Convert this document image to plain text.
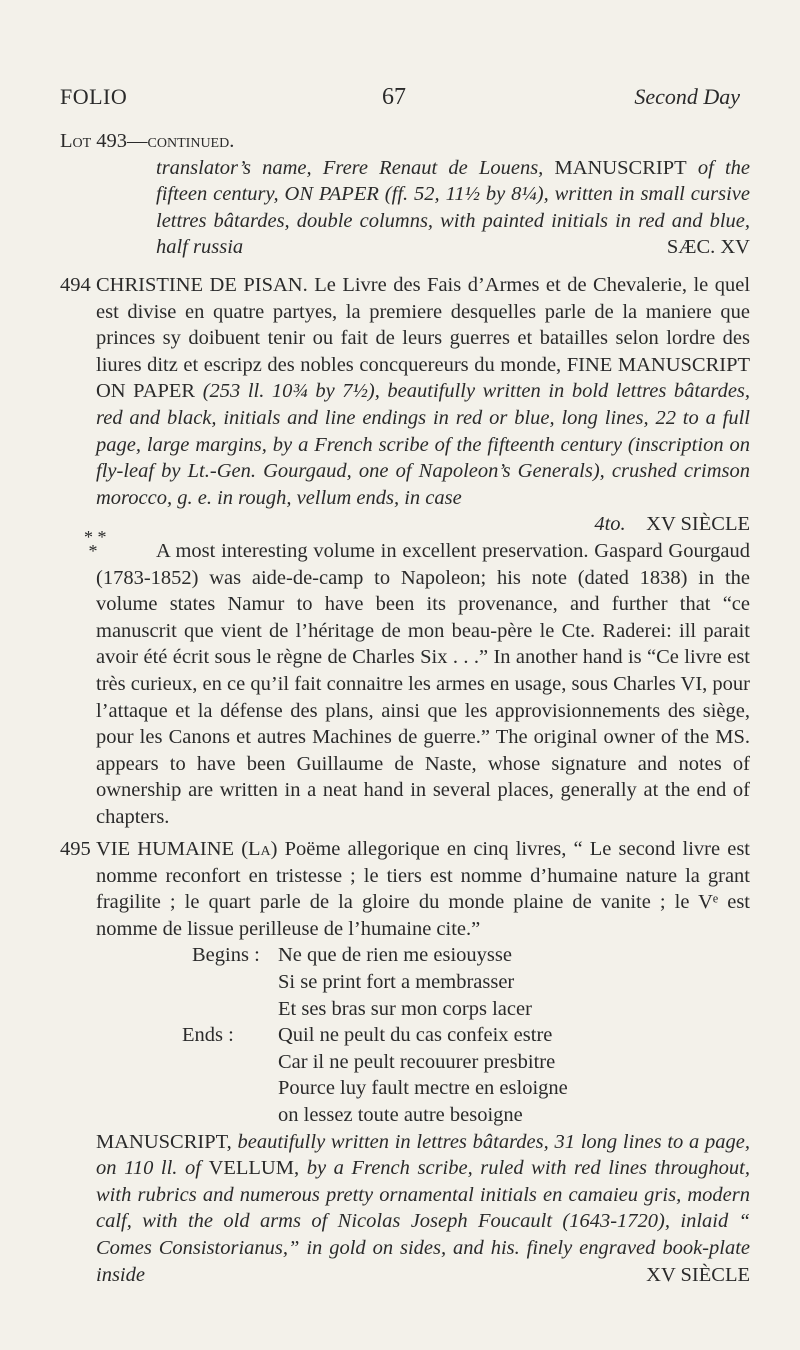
FOLIO	67	Second Day
Lot 493—continued.
translator’s name, Frere Renaut de Louens, MANUSCRIPT of the fifteen century, ON PAPER (ff. 52, 11½ by 8¼), written in small cursive lettres bâtardes, double columns, with painted initials in red and blue, half russia	SÆC. XV
494 CHRISTINE DE PISAN. Le Livre des Fais d’Armes et de Chevalerie, le quel est divise en quatre partyes, la premiere desquelles parle de la maniere que princes sy doibuent tenir ou fait de leurs guerres et batailles selon lordre des liures ditz et escripz des nobles concquereurs du monde, FINE MANUSCRIPT ON PAPER (253 ll. 10¾ by 7½), beautifully written in bold lettres bâtardes, red and black, initials and line endings in red or blue, long lines, 22 to a full page, large margins, by a French scribe of the fifteenth century (inscription on fly-leaf by Lt.-Gen. Gourgaud, one of Napoleon’s Generals), crushed crimson morocco, g. e. in rough, vellum ends, in case

4to. XV SIÈCLE
* *
*	A most interesting volume in excellent preservation. Gaspard Gourgaud (1783-1852) was aide-de-camp to Napoleon; his note (dated 1838) in the volume states Namur to have been its provenance, and further that “ce manuscrit que vient de l’héritage de mon beau-père le Cte. Raderei: ill parait avoir été écrit sous le règne de Charles Six . . .” In another hand is “Ce livre est très curieux, en ce qu’il fait connaitre les armes en usage, sous Charles VI, pour l’attaque et la défense des plans, ainsi que les approvisionnements des siège, pour les Canons et autres Machines de guerre.” The original owner of the MS. appears to have been Guillaume de Naste, whose signature and notes of ownership are written in a neat hand in several places, generally at the end of chapters.

495 VIE HUMAINE (La) Poëme allegorique en cinq livres, “ Le second livre est nomme reconfort en tristesse ; le tiers est nomme d’humaine nature la grant fragilite ; le quart parle de la gloire du monde plaine de vanite ; le Vᵉ est nomme de lissue perilleuse de l’humaine cite.”

Begins : Ne que de rien me esiouysse
Si se print fort a membrasser
Et ses bras sur mon corps lacer
Ends :	Quil ne peult du cas confeix estre
Car il ne peult recouurer presbitre
Pource luy fault mectre en esloigne
on lessez toute autre besoigne

MANUSCRIPT, beautifully written in lettres bâtardes, 31 long lines to a page, on 110 ll. of VELLUM, by a French scribe, ruled with red lines throughout, with rubrics and numerous pretty ornamental initials en camaieu gris, modern calf, with the old arms of Nicolas Joseph Foucault (1643-1720), inlaid “ Comes Consistorianus,” in gold on sides, and his. finely engraved book-plate inside	XV SIÈCLE
